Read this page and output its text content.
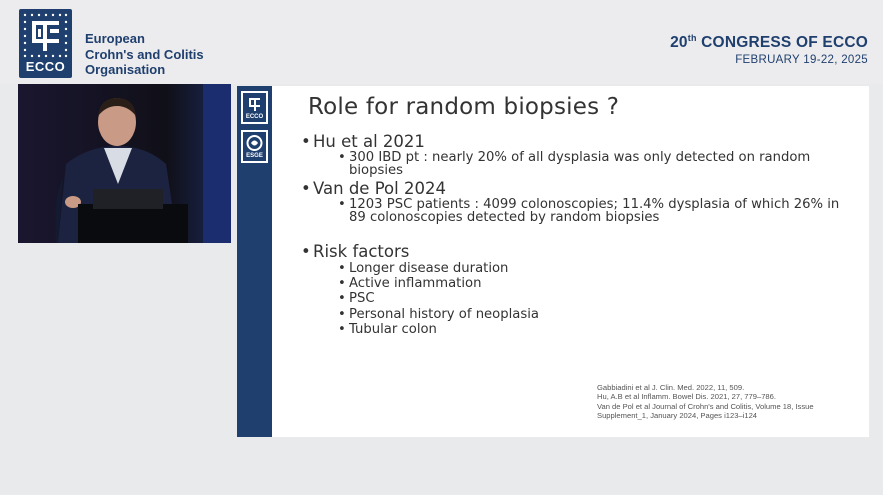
ECCO
European
Crohn's and Colitis
Organisation
20th CONGRESS OF ECCO
FEBRUARY 19-22, 2025
ECCO
ESGE
Role for random biopsies ?
• Hu et al 2021
• 300 IBD pt : nearly 20% of all dysplasia was only detected on random biopsies
• Van de Pol 2024
• 1203 PSC patients : 4099 colonoscopies; 11.4% dysplasia of which 26% in 89 colonoscopies detected by random biopsies
• Risk factors
• Longer disease duration
• Active inflammation
• PSC
• Personal history of neoplasia
• Tubular colon
Gabbiadini et al J. Clin. Med. 2022, 11, 509.
Hu, A.B et al Inflamm. Bowel Dis. 2021, 27, 779–786.
Van de Pol et al Journal of Crohn's and Colitis, Volume 18, Issue Supplement_1, January 2024, Pages i123–i124
